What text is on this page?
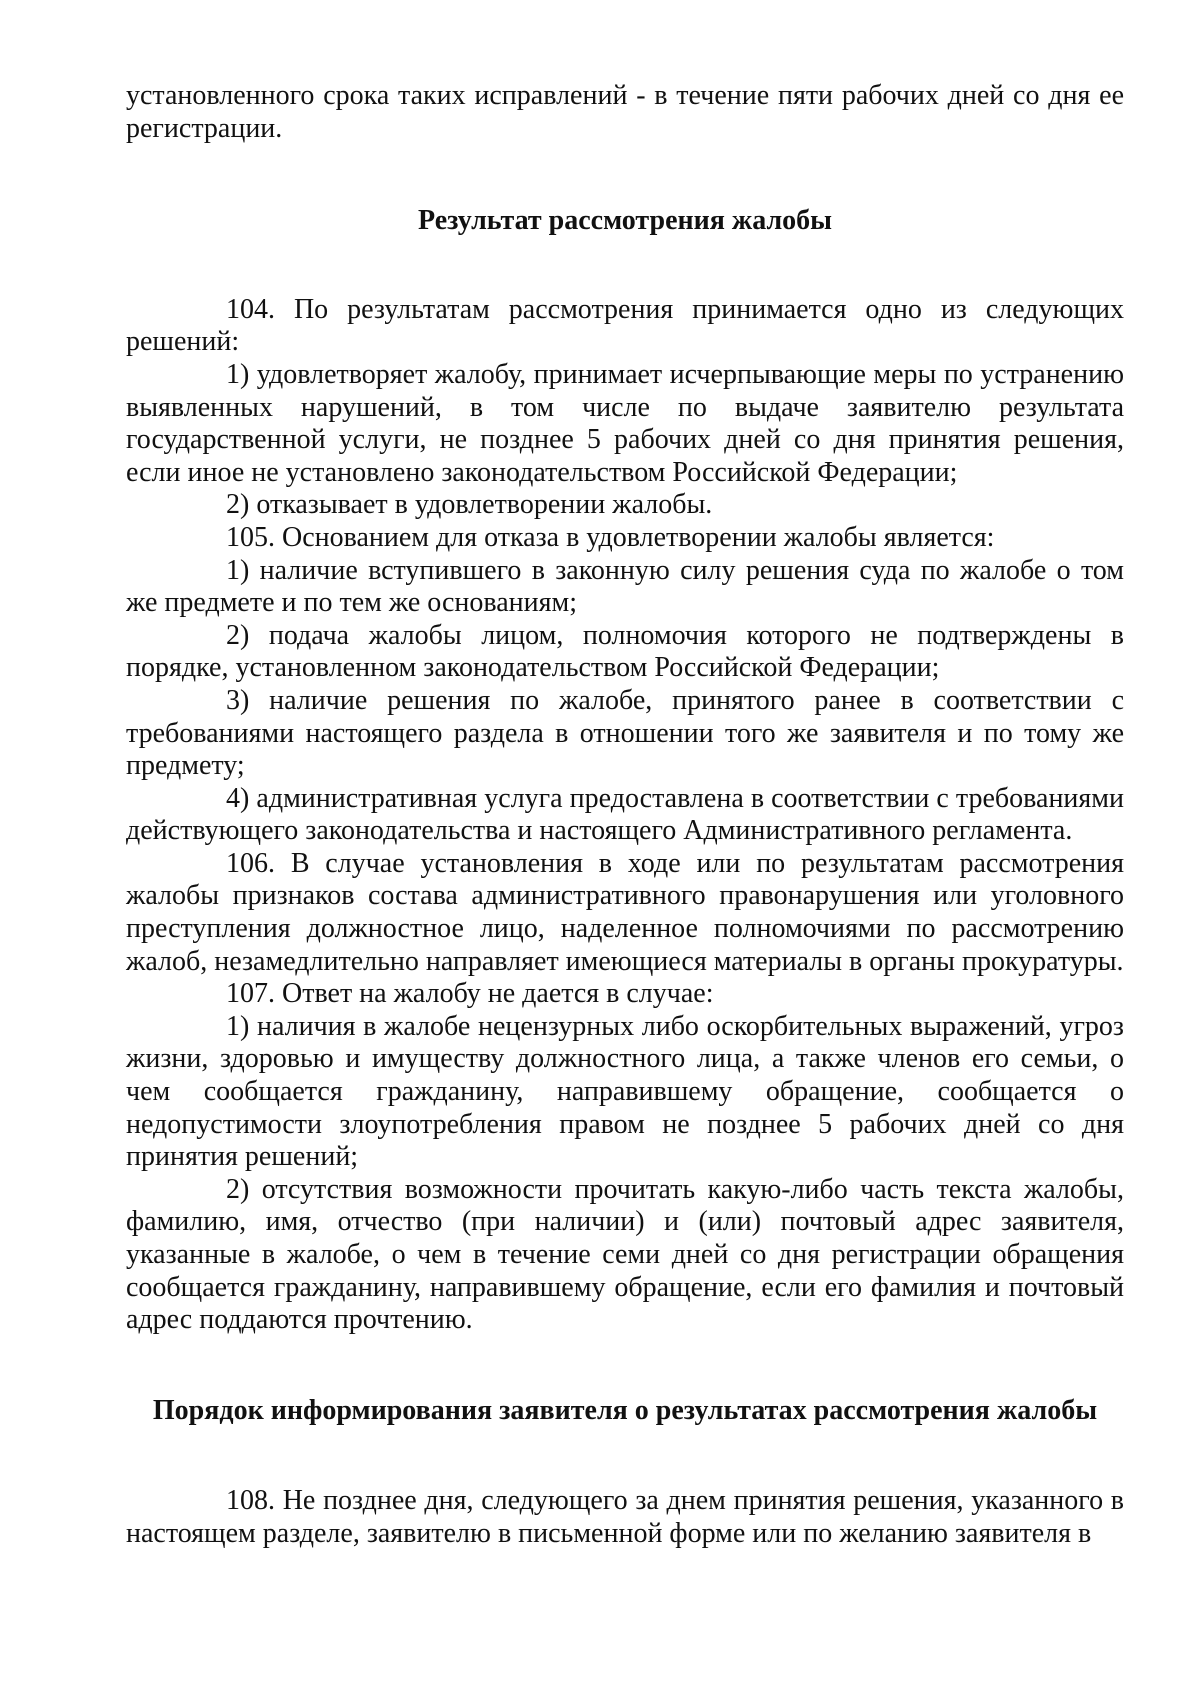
установленного срока таких исправлений - в течение пяти рабочих дней со дня ее регистрации.

Результат рассмотрения жалобы

104. По результатам рассмотрения принимается одно из следующих решений:

1) удовлетворяет жалобу, принимает исчерпывающие меры по устранению выявленных нарушений, в том числе по выдаче заявителю результата государственной услуги, не позднее 5 рабочих дней со дня принятия решения, если иное не установлено законодательством Российской Федерации;

2) отказывает в удовлетворении жалобы.

105. Основанием для отказа в удовлетворении жалобы является:

1) наличие вступившего в законную силу решения суда по жалобе о том же предмете и по тем же основаниям;

2) подача жалобы лицом, полномочия которого не подтверждены в порядке, установленном законодательством Российской Федерации;

3) наличие решения по жалобе, принятого ранее в соответствии с требованиями настоящего раздела в отношении того же заявителя и по тому же предмету;

4) административная услуга предоставлена в соответствии с требованиями действующего законодательства и настоящего Административного регламента.

106. В случае установления в ходе или по результатам рассмотрения жалобы признаков состава административного правонарушения или уголовного преступления должностное лицо, наделенное полномочиями по рассмотрению жалоб, незамедлительно направляет имеющиеся материалы в органы прокуратуры.

107. Ответ на жалобу не дается в случае:

1) наличия в жалобе нецензурных либо оскорбительных выражений, угроз жизни, здоровью и имуществу должностного лица, а также членов его семьи, о чем сообщается гражданину, направившему обращение, сообщается о недопустимости злоупотребления правом не позднее 5 рабочих дней со дня принятия решений;

2) отсутствия возможности прочитать какую-либо часть текста жалобы, фамилию, имя, отчество (при наличии) и (или) почтовый адрес заявителя, указанные в жалобе, о чем в течение семи дней со дня регистрации обращения сообщается гражданину, направившему обращение, если его фамилия и почтовый адрес поддаются прочтению.

Порядок информирования заявителя о результатах рассмотрения жалобы

108. Не позднее дня, следующего за днем принятия решения, указанного в настоящем разделе, заявителю в письменной форме или по желанию заявителя в
